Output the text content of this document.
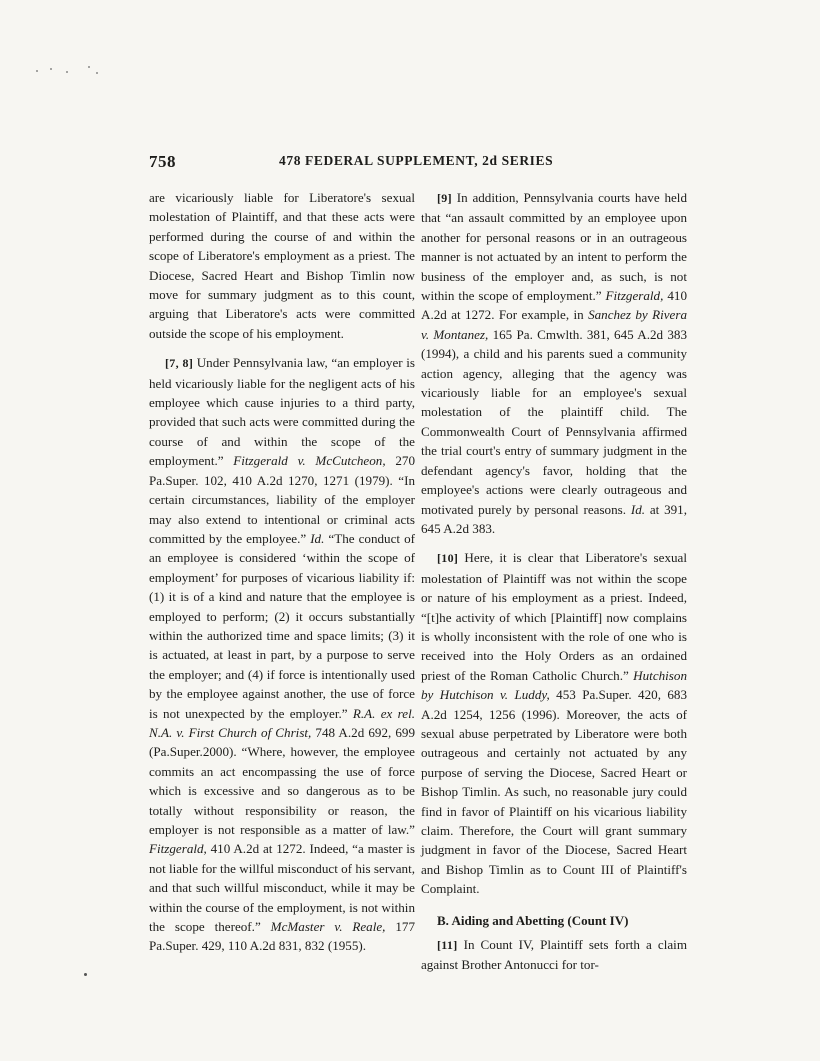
758	478 FEDERAL SUPPLEMENT, 2d SERIES

are vicariously liable for Liberatore's sexual molestation of Plaintiff, and that these acts were performed during the course of and within the scope of Liberatore's employment as a priest. The Diocese, Sacred Heart and Bishop Timlin now move for summary judgment as to this count, arguing that Liberatore's acts were committed outside the scope of his employment.

[7, 8] Under Pennsylvania law, “an employer is held vicariously liable for the negligent acts of his employee which cause injuries to a third party, provided that such acts were committed during the course of and within the scope of the employment.” Fitzgerald v. McCutcheon, 270 Pa.Super. 102, 410 A.2d 1270, 1271 (1979). “In certain circumstances, liability of the employer may also extend to intentional or criminal acts committed by the employee.” Id. “The conduct of an employee is considered ‘within the scope of employment’ for purposes of vicarious liability if: (1) it is of a kind and nature that the employee is employed to perform; (2) it occurs substantially within the authorized time and space limits; (3) it is actuated, at least in part, by a purpose to serve the employer; and (4) if force is intentionally used by the employee against another, the use of force is not unexpected by the employer.” R.A. ex rel. N.A. v. First Church of Christ, 748 A.2d 692, 699 (Pa.Super.2000). “Where, however, the employee commits an act encompassing the use of force which is excessive and so dangerous as to be totally without responsibility or reason, the employer is not responsible as a matter of law.” Fitzgerald, 410 A.2d at 1272. Indeed, “a master is not liable for the willful misconduct of his servant, and that such willful misconduct, while it may be within the course of the employment, is not within the scope thereof.” McMaster v. Reale, 177 Pa.Super. 429, 110 A.2d 831, 832 (1955).

[9] In addition, Pennsylvania courts have held that “an assault committed by an employee upon another for personal reasons or in an outrageous manner is not actuated by an intent to perform the business of the employer and, as such, is not within the scope of employment.” Fitzgerald, 410 A.2d at 1272. For example, in Sanchez by Rivera v. Montanez, 165 Pa. Cmwlth. 381, 645 A.2d 383 (1994), a child and his parents sued a community action agency, alleging that the agency was vicariously liable for an employee's sexual molestation of the plaintiff child. The Commonwealth Court of Pennsylvania affirmed the trial court's entry of summary judgment in the defendant agency's favor, holding that the employee's actions were clearly outrageous and motivated purely by personal reasons. Id. at 391, 645 A.2d 383.

[10] Here, it is clear that Liberatore's sexual molestation of Plaintiff was not within the scope or nature of his employment as a priest. Indeed, “[t]he activity of which [Plaintiff] now complains is wholly inconsistent with the role of one who is received into the Holy Orders as an ordained priest of the Roman Catholic Church.” Hutchison by Hutchison v. Luddy, 453 Pa.Super. 420, 683 A.2d 1254, 1256 (1996). Moreover, the acts of sexual abuse perpetrated by Liberatore were both outrageous and certainly not actuated by any purpose of serving the Diocese, Sacred Heart or Bishop Timlin. As such, no reasonable jury could find in favor of Plaintiff on his vicarious liability claim. Therefore, the Court will grant summary judgment in favor of the Diocese, Sacred Heart and Bishop Timlin as to Count III of Plaintiff's Complaint.

B. Aiding and Abetting (Count IV)

[11] In Count IV, Plaintiff sets forth a claim against Brother Antonucci for tor-
